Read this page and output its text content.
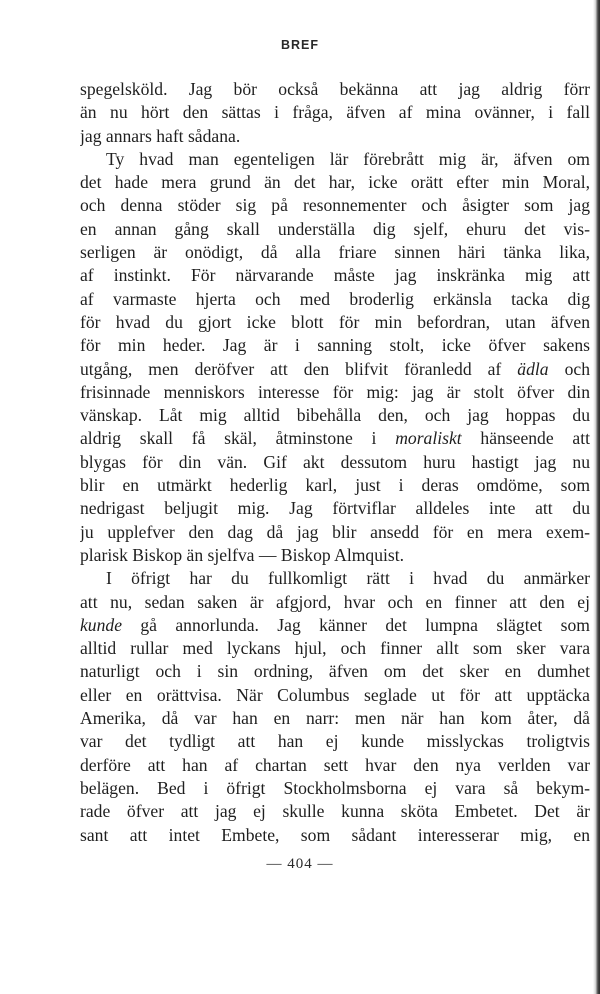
BREF
spegelsköld. Jag bör också bekänna att jag aldrig förr
än nu hört den sättas i fråga, äfven af mina ovänner, i fall
jag annars haft sådana.
Ty hvad man egenteligen lär förebrått mig är, äfven om
det hade mera grund än det har, icke orätt efter min Moral,
och denna stöder sig på resonnementer och åsigter som jag
en annan gång skall underställa dig sjelf, ehuru det vis-
serligen är onödigt, då alla friare sinnen häri tänka lika,
af instinkt. För närvarande måste jag inskränka mig att
af varmaste hjerta och med broderlig erkänsla tacka dig
för hvad du gjort icke blott för min befordran, utan äfven
för min heder. Jag är i sanning stolt, icke öfver sakens
utgång, men deröfver att den blifvit föranledd af ädla och
frisinnade menniskors interesse för mig: jag är stolt öfver din
vänskap. Låt mig alltid bibehålla den, och jag hoppas du
aldrig skall få skäl, åtminstone i moraliskt hänseende att
blygas för din vän. Gif akt dessutom huru hastigt jag nu
blir en utmärkt hederlig karl, just i deras omdöme, som
nedrigast beljugit mig. Jag förtviflar alldeles inte att du
ju upplefver den dag då jag blir ansedd för en mera exem-
plarisk Biskop än sjelfva — Biskop Almquist.
I öfrigt har du fullkomligt rätt i hvad du anmärker
att nu, sedan saken är afgjord, hvar och en finner att den ej
kunde gå annorlunda. Jag känner det lumpna slägtet som
alltid rullar med lyckans hjul, och finner allt som sker vara
naturligt och i sin ordning, äfven om det sker en dumhet
eller en orättvisa. När Columbus seglade ut för att upptäcka
Amerika, då var han en narr: men när han kom åter, då
var det tydligt att han ej kunde misslyckas troligtvis
derföre att han af chartan sett hvar den nya verlden var
belägen. Bed i öfrigt Stockholmsborna ej vara så bekym-
rade öfver att jag ej skulle kunna sköta Embetet. Det är
sant att intet Embete, som sådant interesserar mig, en
— 404 —
